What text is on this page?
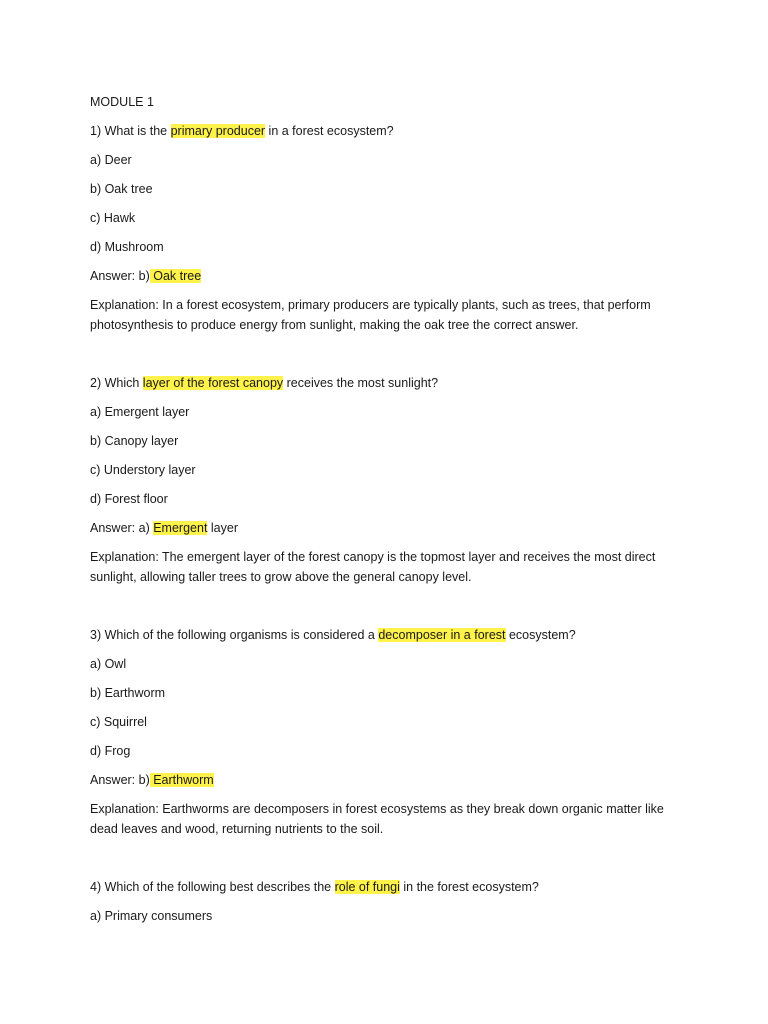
MODULE 1
1) What is the primary producer in a forest ecosystem?
a) Deer
b) Oak tree
c) Hawk
d) Mushroom
Answer: b) Oak tree
Explanation: In a forest ecosystem, primary producers are typically plants, such as trees, that perform photosynthesis to produce energy from sunlight, making the oak tree the correct answer.
2) Which layer of the forest canopy receives the most sunlight?
a) Emergent layer
b) Canopy layer
c) Understory layer
d) Forest floor
Answer: a) Emergent layer
Explanation: The emergent layer of the forest canopy is the topmost layer and receives the most direct sunlight, allowing taller trees to grow above the general canopy level.
3) Which of the following organisms is considered a decomposer in a forest ecosystem?
a) Owl
b) Earthworm
c) Squirrel
d) Frog
Answer: b) Earthworm
Explanation: Earthworms are decomposers in forest ecosystems as they break down organic matter like dead leaves and wood, returning nutrients to the soil.
4) Which of the following best describes the role of fungi in the forest ecosystem?
a) Primary consumers
